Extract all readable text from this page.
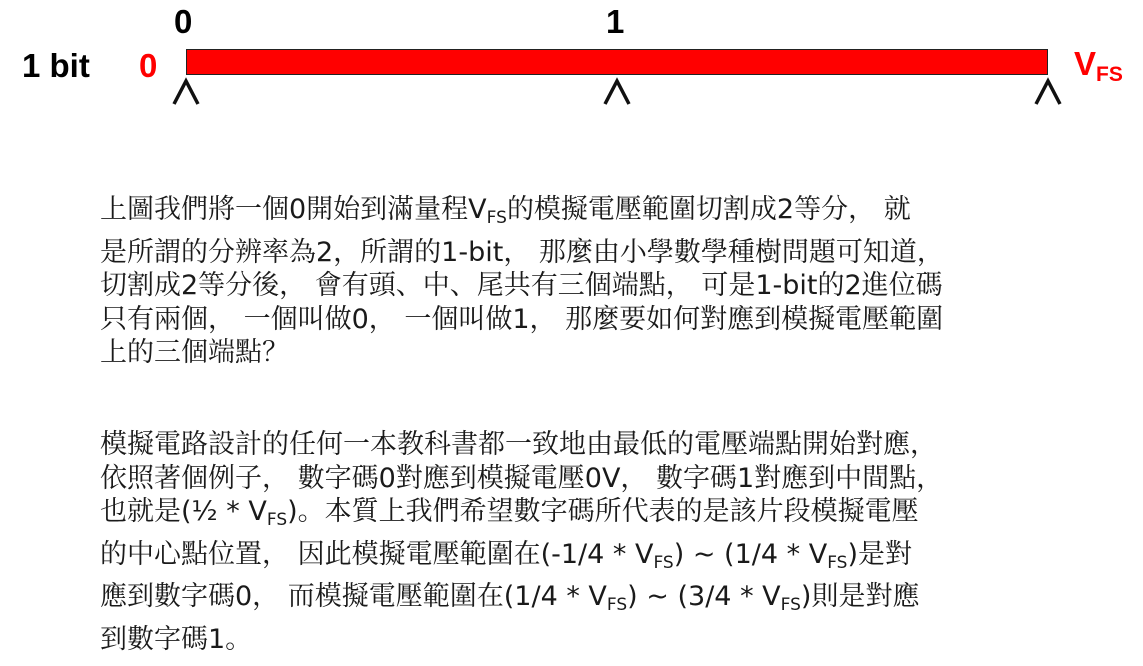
1 bit 0
0	1
$V_{FS}$
上圖我們將一個0開始到滿量程$V_{FS}$的模擬電壓範圍切割成2等分， 就
是所謂的分辨率為2，所謂的1-bit， 那麼由小學數學種樹問題可知道，
切割成2等分後， 會有頭、中、尾共有三個端點， 可是1-bit的2進位碼
只有兩個， 一個叫做0， 一個叫做1， 那麼要如何對應到模擬電壓範圍
上的三個端點？
模擬電路設計的任何一本教科書都一致地由最低的電壓端點開始對應，
依照著個例子， 數字碼0對應到模擬電壓0V， 數字碼1對應到中間點，
也就是(½ * $V_{FS}$)。本質上我們希望數字碼所代表的是該片段模擬電壓
的中心點位置， 因此模擬電壓範圍在$(-1/4 * V_{FS})$ ~ $(1/4 * V_{FS})$是對
應到數字碼0， 而模擬電壓範圍在$(1/4 * V_{FS})$ ~ $(3/4 * V_{FS})$則是對應
到數字碼1。
